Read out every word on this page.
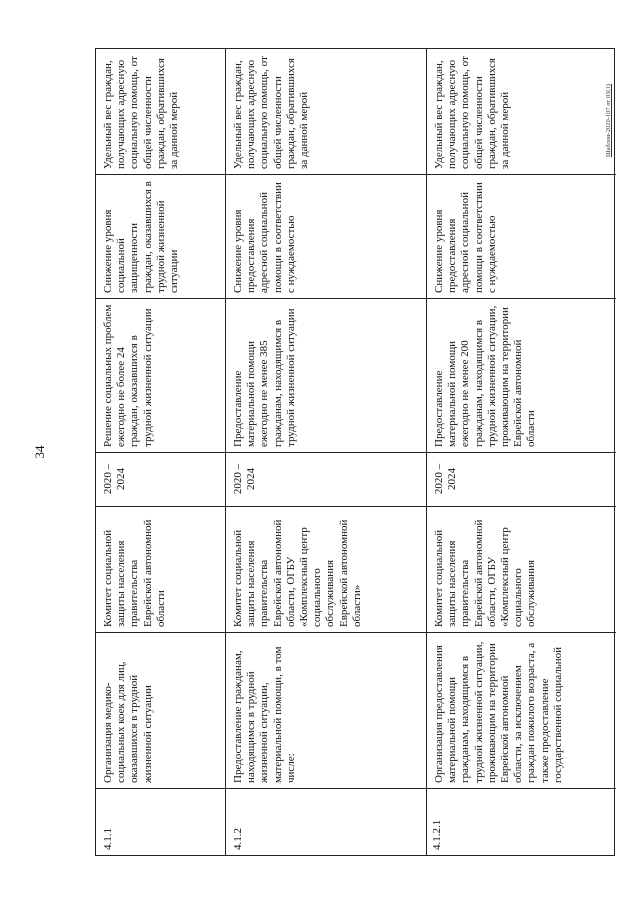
34
4.1.1
Организация медико-социальных коек для лиц, оказавшихся в трудной жизненной ситуации
Комитет социальной защиты населения правительства Еврейской автономной области
2020 – 2024
Решение социальных проблем ежегодно не более 24 граждан, оказавшихся в трудной жизненной ситуации
Снижение уровня социальной защищенности граждан, оказавшихся в трудной жизненной ситуации
Удельный вес граждан, получающих адресную социальную помощь, от общей численности граждан, обратившихся за данной мерой
4.1.2
Предоставление гражданам, находящимся в трудной жизненной ситуации, материальной помощи, в том числе:
Комитет социальной защиты населения правительства Еврейской автономной области, ОГБУ «Комплексный центр социального обслуживания Еврейской автономной области»
2020 – 2024
Предоставление материальной помощи ежегодно не менее 385 гражданам, находящимся в трудной жизненной ситуации
Снижение уровня предоставления адресной социальной помощи в соответствии с нуждаемостью
Удельный вес граждан, получающих адресную социальную помощь, от общей численности граждан, обратившихся за данной мерой
4.1.2.1
Организация предоставления материальной помощи гражданам, находящимся в трудной жизненной ситуации, проживающим на территории Еврейской автономной области, за исключением граждан пожилого возраста, а также предоставление государственной социальной
Комитет социальной защиты населения правительства Еврейской автономной области, ОГБУ «Комплексный центр социального обслуживания
2020 – 2024
Предоставление материальной помощи ежегодно не менее 200 гражданам, находящимся в трудной жизненной ситуации, проживающим на территории Еврейской автономной области
Снижение уровня предоставления адресной социальной помощи в соответствии с нуждаемостью
Удельный вес граждан, получающих адресную социальную помощь, от общей численности граждан, обратившихся за данной мерой	Шаблон-2020-107 от 03(1)
